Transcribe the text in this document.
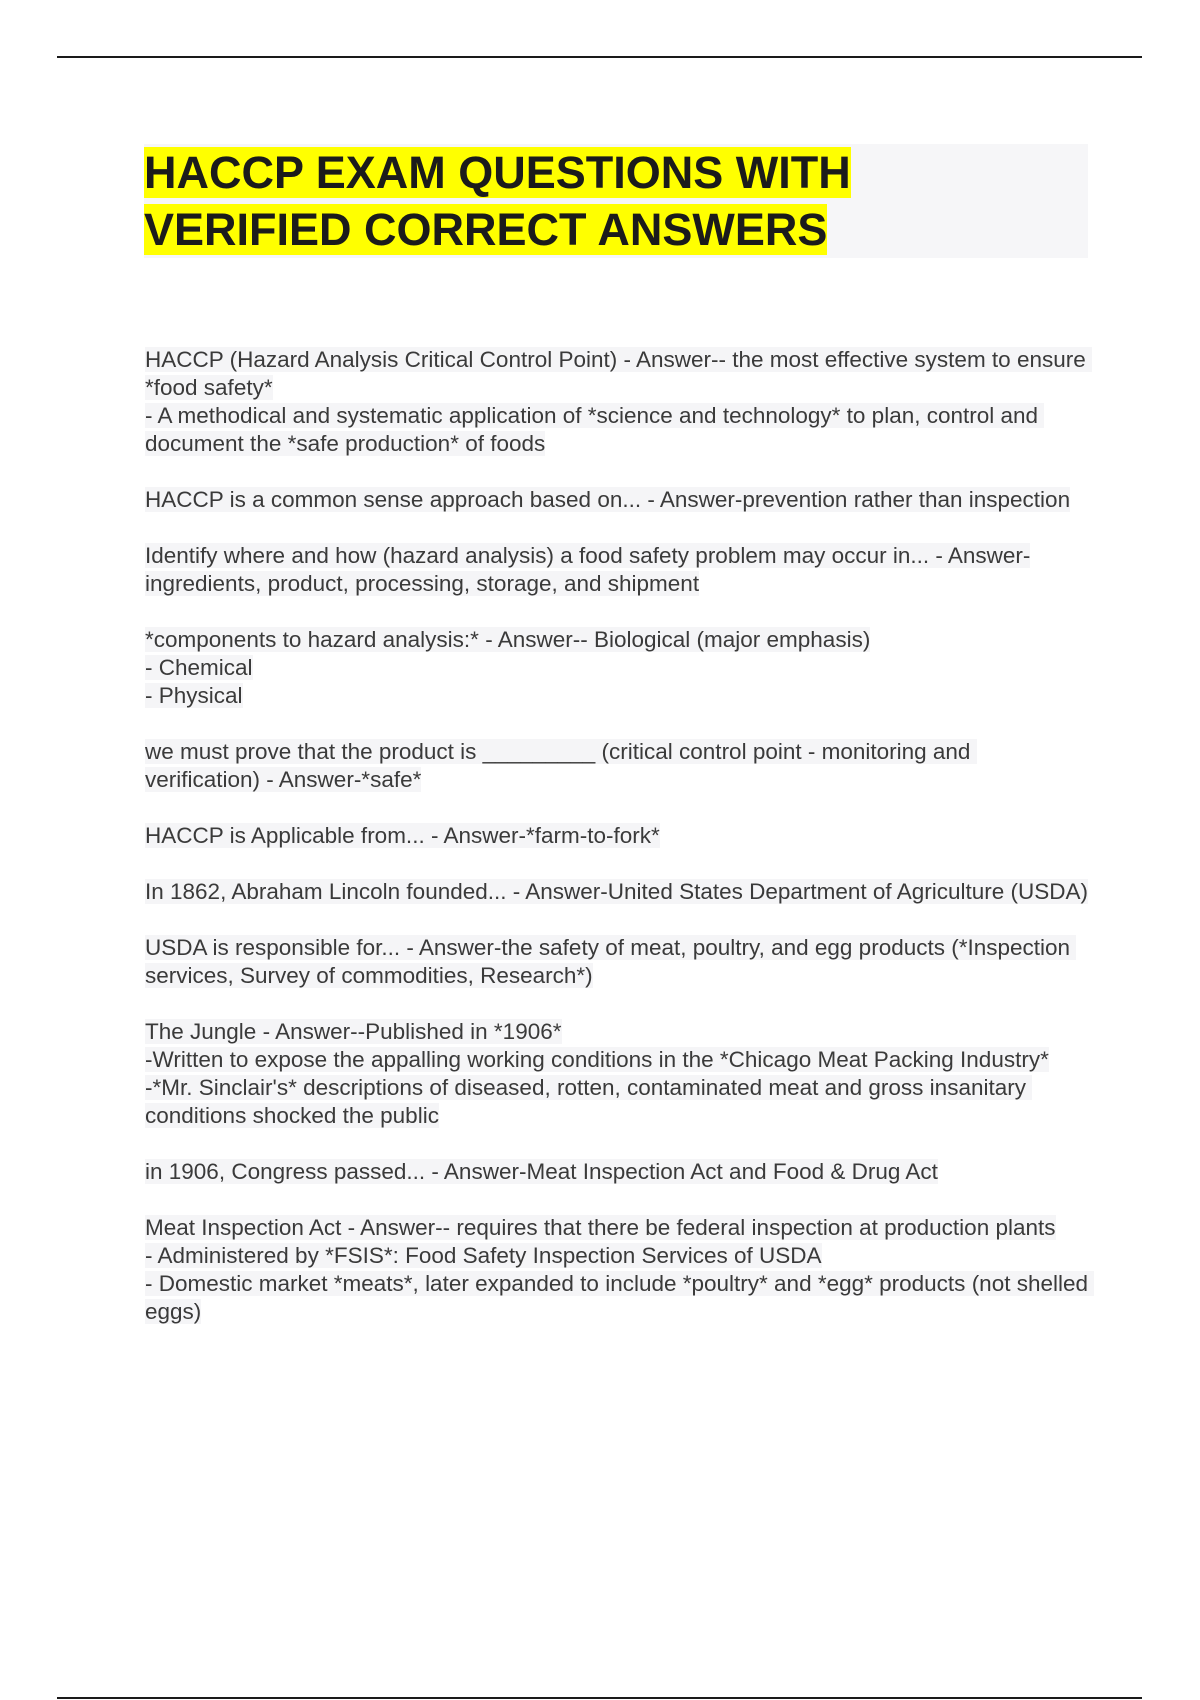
HACCP EXAM QUESTIONS WITH
VERIFIED CORRECT ANSWERS

HACCP (Hazard Analysis Critical Control Point) - Answer-- the most effective system to ensure *food safety*
- A methodical and systematic application of *science and technology* to plan, control and document the *safe production* of foods

HACCP is a common sense approach based on... - Answer-prevention rather than inspection

Identify where and how (hazard analysis) a food safety problem may occur in... - Answer-ingredients, product, processing, storage, and shipment

*components to hazard analysis:* - Answer-- Biological (major emphasis)
- Chemical
- Physical

we must prove that the product is _________ (critical control point - monitoring and verification) - Answer-*safe*

HACCP is Applicable from... - Answer-*farm-to-fork*

In 1862, Abraham Lincoln founded... - Answer-United States Department of Agriculture (USDA)

USDA is responsible for... - Answer-the safety of meat, poultry, and egg products (*Inspection services, Survey of commodities, Research*)

The Jungle - Answer--Published in *1906*
-Written to expose the appalling working conditions in the *Chicago Meat Packing Industry*
-*Mr. Sinclair's* descriptions of diseased, rotten, contaminated meat and gross insanitary conditions shocked the public

in 1906, Congress passed... - Answer-Meat Inspection Act and Food & Drug Act

Meat Inspection Act - Answer-- requires that there be federal inspection at production plants
- Administered by *FSIS*: Food Safety Inspection Services of USDA
- Domestic market *meats*, later expanded to include *poultry* and *egg* products (not shelled eggs)
